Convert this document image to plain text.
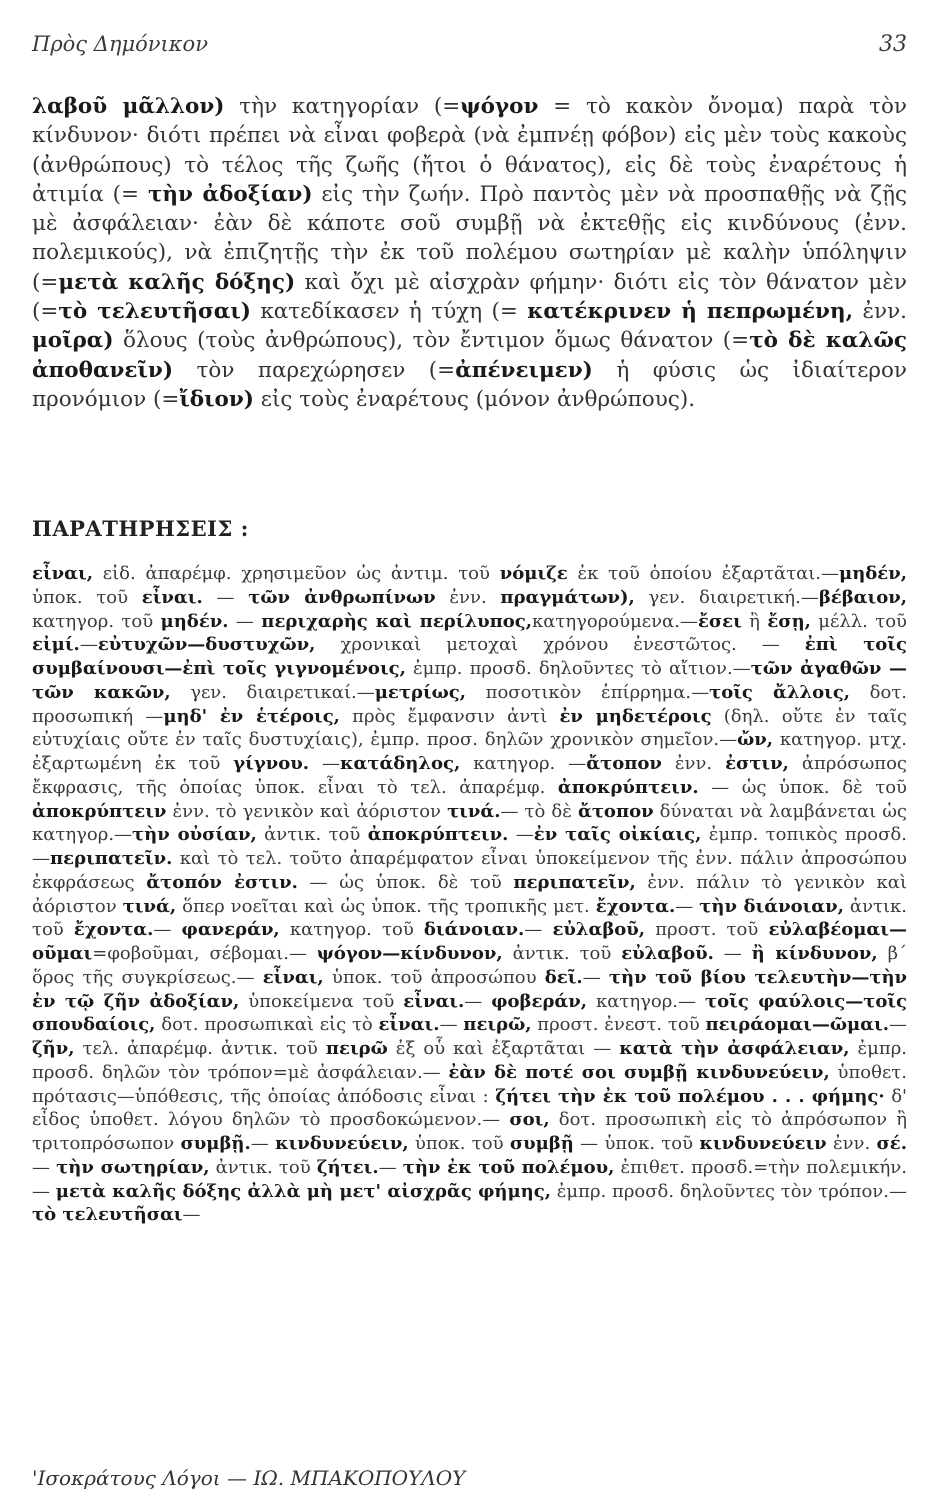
Πρὸς Δημόνικον	33

λαβοῦ μᾶλλον) τὴν κατηγορίαν (=ψόγον = τὸ κακὸν ὄνομα) παρὰ τὸν κίνδυνον· διότι πρέπει νὰ εἶναι φοβερὰ (νὰ ἐμπνέῃ φόβον) εἰς μὲν τοὺς κακοὺς (ἀνθρώπους) τὸ τέλος τῆς ζωῆς (ἤτοι ὁ θάνατος), εἰς δὲ τοὺς ἐναρέτους ἡ ἀτιμία (= τὴν ἀδοξίαν) εἰς τὴν ζωήν. Πρὸ παντὸς μὲν νὰ προσπαθῇς νὰ ζῇς μὲ ἀσφάλειαν· ἐὰν δὲ κάποτε σοῦ συμβῇ νὰ ἐκτεθῇς εἰς κινδύνους (ἐνν. πολεμικούς), νὰ ἐπιζητῇς τὴν ἐκ τοῦ πολέμου σωτηρίαν μὲ καλὴν ὑπόληψιν (=μετὰ καλῆς δόξης) καὶ ὄχι μὲ αἰσχρὰν φήμην· διότι εἰς τὸν θάνατον μὲν (=τὸ τελευτῆσαι) κατεδίκασεν ἡ τύχη (= κατέκρινεν ἡ πεπρωμένη, ἐνν. μοῖρα) ὅλους (τοὺς ἀνθρώπους), τὸν ἔντιμον ὅμως θάνατον (=τὸ δὲ καλῶς ἀποθανεῖν) τὸν παρεχώρησεν (=ἀπένειμεν) ἡ φύσις ὡς ἰδιαίτερον προνόμιον (=ἴδιον) εἰς τοὺς ἐναρέτους (μόνον ἀνθρώπους).

ΠΑΡΑΤΗΡΗΣΕΙΣ :

εἶναι, εἰδ. ἀπαρέμφ. χρησιμεῦον ὡς ἀντιμ. τοῦ νόμιζε ἐκ τοῦ ὁποίου ἐξαρτᾶται.—μηδέν, ὑποκ. τοῦ εἶναι. — τῶν ἀνθρωπίνων ἐνν. πραγμάτων), γεν. διαιρετική.—βέβαιον, κατηγορ. τοῦ μηδέν. — περιχαρὴς καὶ περίλυπος,κατηγορούμενα.—ἔσει ἢ ἔσῃ, μέλλ. τοῦ εἰμί.—εὐτυχῶν—δυστυχῶν, χρονικαὶ μετοχαὶ χρόνου ἐνεστῶτος. — ἐπὶ τοῖς συμβαίνουσι—ἐπὶ τοῖς γιγνομένοις, ἐμπρ. προσδ. δηλοῦντες τὸ αἴτιον.—τῶν ἀγαθῶν —τῶν κακῶν, γεν. διαιρετικαί.—μετρίως, ποσοτικὸν ἐπίρρημα.—τοῖς ἄλλοις, δοτ. προσωπική —μηδ' ἐν ἑτέροις, πρὸς ἔμφανσιν ἀντὶ ἐν μηδετέροις (δηλ. οὔτε ἐν ταῖς εὐτυχίαις οὔτε ἐν ταῖς δυστυχίαις), ἐμπρ. προσ. δηλῶν χρονικὸν σημεῖον.—ὤν, κατηγορ. μτχ. ἐξαρτωμένη ἐκ τοῦ γίγνου. —κατάδηλος, κατηγορ. —ἄτοπον ἐνν. ἐστιν, ἀπρόσωπος ἔκφρασις, τῆς ὁποίας ὑποκ. εἶναι τὸ τελ. ἀπαρέμφ. ἀποκρύπτειν. — ὡς ὑποκ. δὲ τοῦ ἀποκρύπτειν ἐνν. τὸ γενικὸν καὶ ἀόριστον τινά.— τὸ δὲ ἄτοπον δύναται νὰ λαμβάνεται ὡς κατηγορ.—τὴν οὐσίαν, ἀντικ. τοῦ ἀποκρύπτειν. —ἐν ταῖς οἰκίαις, ἐμπρ. τοπικὸς προσδ.—περιπατεῖν. καὶ τὸ τελ. τοῦτο ἀπαρέμφατον εἶναι ὑποκείμενον τῆς ἐνν. πάλιν ἀπροσώπου ἐκφράσεως ἄτοπόν ἐστιν. — ὡς ὑποκ. δὲ τοῦ περιπατεῖν, ἐνν. πάλιν τὸ γενικὸν καὶ ἀόριστον τινά, ὅπερ νοεῖται καὶ ὡς ὑποκ. τῆς τροπικῆς μετ. ἔχοντα.— τὴν διάνοιαν, ἀντικ. τοῦ ἔχοντα.— φανεράν, κατηγορ. τοῦ διάνοιαν.— εὐλαβοῦ, προστ. τοῦ εὐλαβέομαι—οῦμαι=φοβοῦμαι, σέβομαι.— ψόγον—κίνδυνον, ἀντικ. τοῦ εὐλαβοῦ. — ἢ κίνδυνον, β΄ ὅρος τῆς συγκρίσεως.— εἶναι, ὑποκ. τοῦ ἀπροσώπου δεῖ.— τὴν τοῦ βίου τελευτὴν—τὴν ἐν τῷ ζῆν ἀδοξίαν, ὑποκείμενα τοῦ εἶναι.— φοβεράν, κατηγορ.— τοῖς φαύλοις—τοῖς σπουδαίοις, δοτ. προσωπικαὶ εἰς τὸ εἶναι.— πειρῶ, προστ. ἐνεστ. τοῦ πειράομαι—ῶμαι.—ζῆν, τελ. ἀπαρέμφ. ἀντικ. τοῦ πειρῶ ἐξ οὗ καὶ ἐξαρτᾶται — κατὰ τὴν ἀσφάλειαν, ἐμπρ. προσδ. δηλῶν τὸν τρόπον=μὲ ἀσφάλειαν.— ἐὰν δὲ ποτέ σοι συμβῇ κινδυνεύειν, ὑποθετ. πρότασις—ὑπόθεσις, τῆς ὁποίας ἀπόδοσις εἶναι : ζήτει τὴν ἐκ τοῦ πολέμου . . . φήμης· δ' εἶδος ὑποθετ. λόγου δηλῶν τὸ προσδοκώμενον.— σοι, δοτ. προσωπικὴ εἰς τὸ ἀπρόσωπον ἢ τριτοπρόσωπον συμβῇ.— κινδυνεύειν, ὑποκ. τοῦ συμβῇ — ὑποκ. τοῦ κινδυνεύειν ἐνν. σέ.— τὴν σωτηρίαν, ἀντικ. τοῦ ζήτει.— τὴν ἐκ τοῦ πολέμου, ἐπιθετ. προσδ.=τὴν πολεμικήν.— μετὰ καλῆς δόξης ἀλλὰ μὴ μετ' αἰσχρᾶς φήμης, ἐμπρ. προσδ. δηλοῦντες τὸν τρόπον.— τὸ τελευτῆσαι—

'Ισοκράτους Λόγοι — ΙΩ. ΜΠΑΚΟΠΟΥΛΟΥ
